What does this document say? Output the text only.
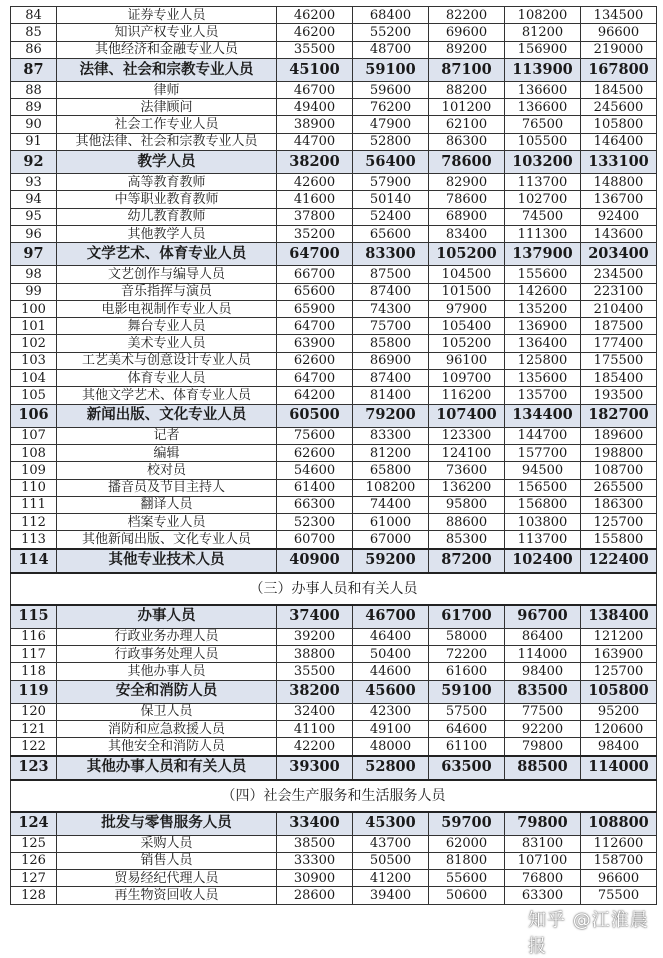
84	证券专业人员	46200	68400	82200	108200	134500
85	知识产权专业人员	46200	55200	69600	81200	96600
86	其他经济和金融专业人员	35500	48700	89200	156900	219000
87	法律、社会和宗教专业人员	45100	59100	87100	113900	167800
88	律师	46700	59600	88200	136600	184500
89	法律顾问	49400	76200	101200	136600	245600
90	社会工作专业人员	38900	47900	62100	76500	105800
91	其他法律、社会和宗教专业人员	44700	52800	86300	105500	146400
92	教学人员	38200	56400	78600	103200	133100
93	高等教育教师	42600	57900	82900	113700	148800
94	中等职业教育教师	41600	50140	78600	102700	136700
95	幼儿教育教师	37800	52400	68900	74500	92400
96	其他教学人员	35200	65600	83400	111300	143600
97	文学艺术、体育专业人员	64700	83300	105200	137900	203400
98	文艺创作与编导人员	66700	87500	104500	155600	234500
99	音乐指挥与演员	65600	87400	101500	142600	223100
100	电影电视制作专业人员	65900	74300	97900	135200	210400
101	舞台专业人员	64700	75700	105400	136900	187500
102	美术专业人员	63900	85800	105200	136400	177400
103	工艺美术与创意设计专业人员	62600	86900	96100	125800	175500
104	体育专业人员	64700	87400	109700	135600	185400
105	其他文学艺术、体育专业人员	64200	81400	116200	135700	193500
106	新闻出版、文化专业人员	60500	79200	107400	134400	182700
107	记者	75600	83300	123300	144700	189600
108	编辑	62600	81200	124100	157700	198800
109	校对员	54600	65800	73600	94500	108700
110	播音员及节目主持人	61400	108200	136200	156500	265500
111	翻译人员	66300	74400	95800	156800	186300
112	档案专业人员	52300	61000	88600	103800	125700
113	其他新闻出版、文化专业人员	60700	67000	85300	113700	155800
114	其他专业技术人员	40900	59200	87200	102400	122400
（三）办事人员和有关人员						
115	办事人员	37400	46700	61700	96700	138400
116	行政业务办理人员	39200	46400	58000	86400	121200
117	行政事务处理人员	38800	50400	72200	114000	163900
118	其他办事人员	35500	44600	61600	98400	125700
119	安全和消防人员	38200	45600	59100	83500	105800
120	保卫人员	32400	42300	57500	77500	95200
121	消防和应急救援人员	41100	49100	64600	92200	120600
122	其他安全和消防人员	42200	48000	61100	79800	98400
123	其他办事人员和有关人员	39300	52800	63500	88500	114000
（四）社会生产服务和生活服务人员						
124	批发与零售服务人员	33400	45300	59700	79800	108800
125	采购人员	38500	43700	62000	83100	112600
126	销售人员	33300	50500	81800	107100	158700
127	贸易经纪代理人员	30900	41200	55600	76800	96600
128	再生物资回收人员	28600	39400	50600	63300	75500
知乎 @江淮晨报
